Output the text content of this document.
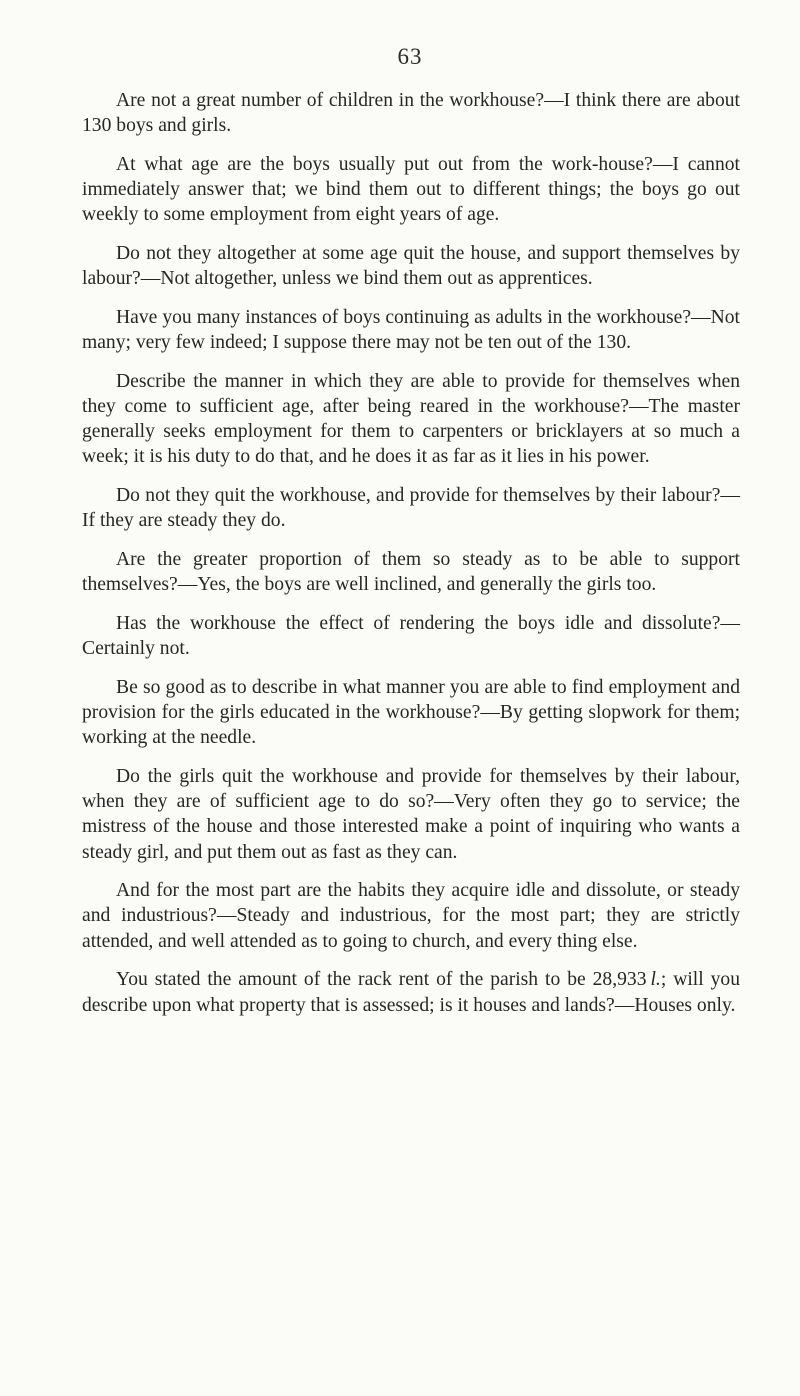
63

Are not a great number of children in the workhouse?—I think there are about 130 boys and girls.

At what age are the boys usually put out from the work-house?—I cannot immediately answer that; we bind them out to different things; the boys go out weekly to some employment from eight years of age.

Do not they altogether at some age quit the house, and support themselves by labour?—Not altogether, unless we bind them out as apprentices.

Have you many instances of boys continuing as adults in the workhouse?—Not many; very few indeed; I suppose there may not be ten out of the 130.

Describe the manner in which they are able to provide for themselves when they come to sufficient age, after being reared in the workhouse?—The master generally seeks employment for them to carpenters or bricklayers at so much a week; it is his duty to do that, and he does it as far as it lies in his power.

Do not they quit the workhouse, and provide for themselves by their labour?—If they are steady they do.

Are the greater proportion of them so steady as to be able to support themselves?—Yes, the boys are well inclined, and generally the girls too.

Has the workhouse the effect of rendering the boys idle and dissolute?—Certainly not.

Be so good as to describe in what manner you are able to find employment and provision for the girls educated in the workhouse?—By getting slopwork for them; working at the needle.

Do the girls quit the workhouse and provide for themselves by their labour, when they are of sufficient age to do so?—Very often they go to service; the mistress of the house and those interested make a point of inquiring who wants a steady girl, and put them out as fast as they can.

And for the most part are the habits they acquire idle and dissolute, or steady and industrious?—Steady and industrious, for the most part; they are strictly attended, and well attended as to going to church, and every thing else.

You stated the amount of the rack rent of the parish to be 28,933  l.; will you describe upon what property that is assessed; is it houses and lands?—Houses only.
